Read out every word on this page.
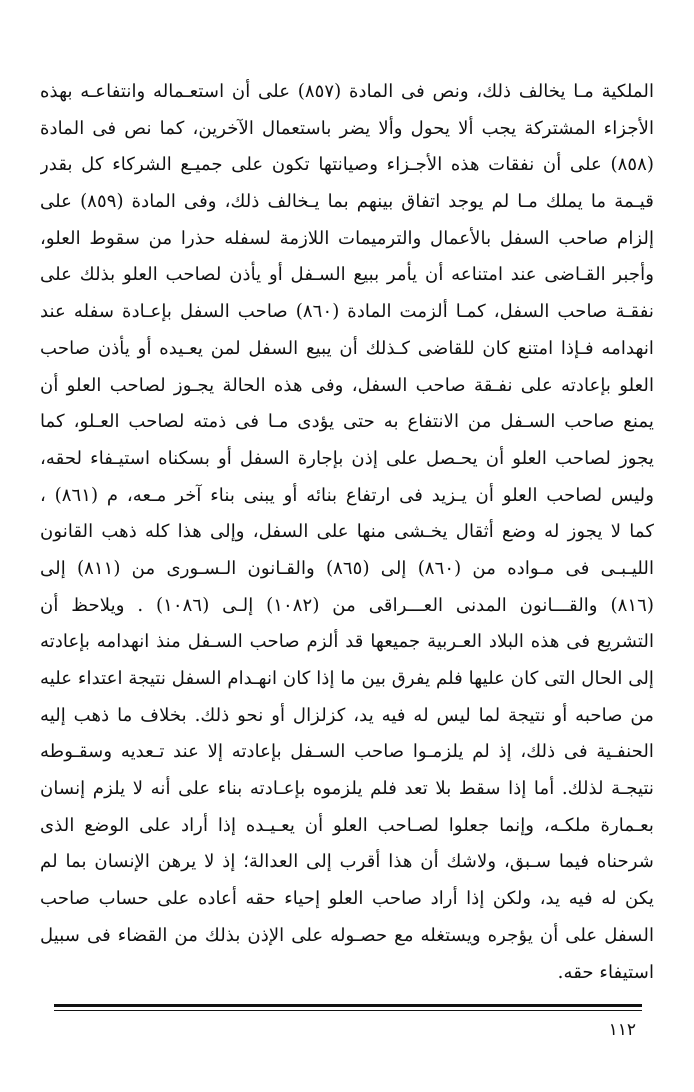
الملكية مـا يخالف ذلك، ونص فى المادة (٨٥٧) على أن استعـماله وانتفاعـه بهذه
الأجزاء المشتركة يجب ألا يحول وألا يضر باستعمال الآخرين، كما نص فى المادة
(٨٥٨) على أن نفقات هذه الأجـزاء وصيانتها تكون على جميـع الشركاء كل بقدر
قيـمة ما يملك مـا لم يوجد اتفاق بينهم بما يـخالف ذلك، وفى المادة (٨٥٩) على
إلزام صاحب السفل بالأعمال والترميمات اللازمة لسفله حذرا من سقوط العلو،
وأجبر القـاضى عند امتناعه أن يأمر ببيع السـفل أو يأذن لصاحب العلو بذلك على
نفقـة صاحب السفل، كمـا ألزمت المادة (٨٦٠) صاحب السفل بإعـادة سفله عند
انهدامه فـإذا امتنع كان للقاضى كـذلك أن يبيع السفل لمن يعـيده أو يأذن صاحب
العلو بإعادته على نفـقة صاحب السفل، وفى هذه الحالة يجـوز لصاحب العلو أن
يمنع صاحب السـفل من الانتفاع به حتى يؤدى مـا فى ذمته لصاحب العـلو، كما
يجوز لصاحب العلو أن يحـصل على إذن بإجارة السفل أو بسكناه استيـفاء لحقه،
وليس لصاحب العلو أن يـزيد فى ارتفاع بنائه أو يبنى بناء آخر مـعه، م (٨٦١) ،
كما لا يجوز له وضع أثقال يخـشى منها على السفل، وإلى هذا كله ذهب القانون
الليـبـى فى مـواده من (٨٦٠) إلى (٨٦٥) والقـانون الـسـورى من (٨١١) إلى
(٨١٦) والقـــانون المدنى العـــراقى من (١٠٨٢) إلـى (١٠٨٦) . ويلاحظ أن
التشريع فى هذه البلاد العـربية جميعها قد ألزم صاحب السـفل منذ انهدامه بإعادته
إلى الحال التى كان عليها فلم يفرق بين ما إذا كان انهـدام السفل نتيجة اعتداء عليه
من صاحبه أو نتيجة لما ليس له فيه يد، كزلزال أو نحو ذلك. بخلاف ما ذهب إليه
الحنفـية فى ذلك، إذ لم يلزمـوا صاحب السـفل بإعادته إلا عند تـعديه وسقـوطه
نتيجـة لذلك. أما إذا سقط بلا تعد فلم يلزموه بإعـادته بناء على أنه لا يلزم إنسان
بعـمارة ملكـه، وإنما جعلوا لصـاحب العلو أن يعـيـده إذا أراد على الوضع الذى
شرحناه فيما سـبق، ولاشك أن هذا أقرب إلى العدالة؛ إذ لا يرهن الإنسان بما لم
يكن له فيه يد، ولكن إذا أراد صاحب العلو إحياء حقه أعاده على حساب صاحب
السفل على أن يؤجره ويستغله مع حصـوله على الإذن بذلك من القضاء فى سبيل
استيفاء حقه.
١١٢
